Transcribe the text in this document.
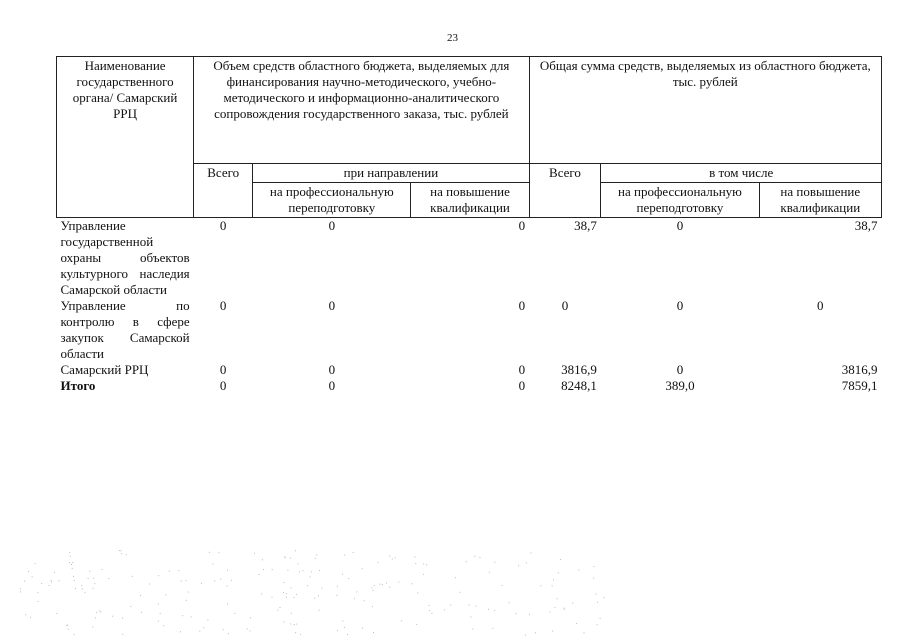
23
Наименование государственного органа/ Самарский РРЦ	Объем средств областного бюджета, выделяемых для финансирования научно-методического, учебно-методического и информационно-аналитического сопровождения государственного заказа, тыс. рублей			Общая сумма средств, выделяемых из областного бюджета, тыс. рублей		
	Всего	при направлении		Всего	в том числе	
		на профессиональную переподготовку	на повышение квалификации		на профессиональную переподготовку	на повышение квалификации
Управление государственной охраны объектов культурного наследия Самарской области	0	0	0	38,7	0	38,7
Управление по контролю в сфере закупок Самарской области	0	0	0	0	0	0
Самарский РРЦ	0	0	0	3816,9	0	3816,9
Итого	0	0	0	8248,1	389,0	7859,1
